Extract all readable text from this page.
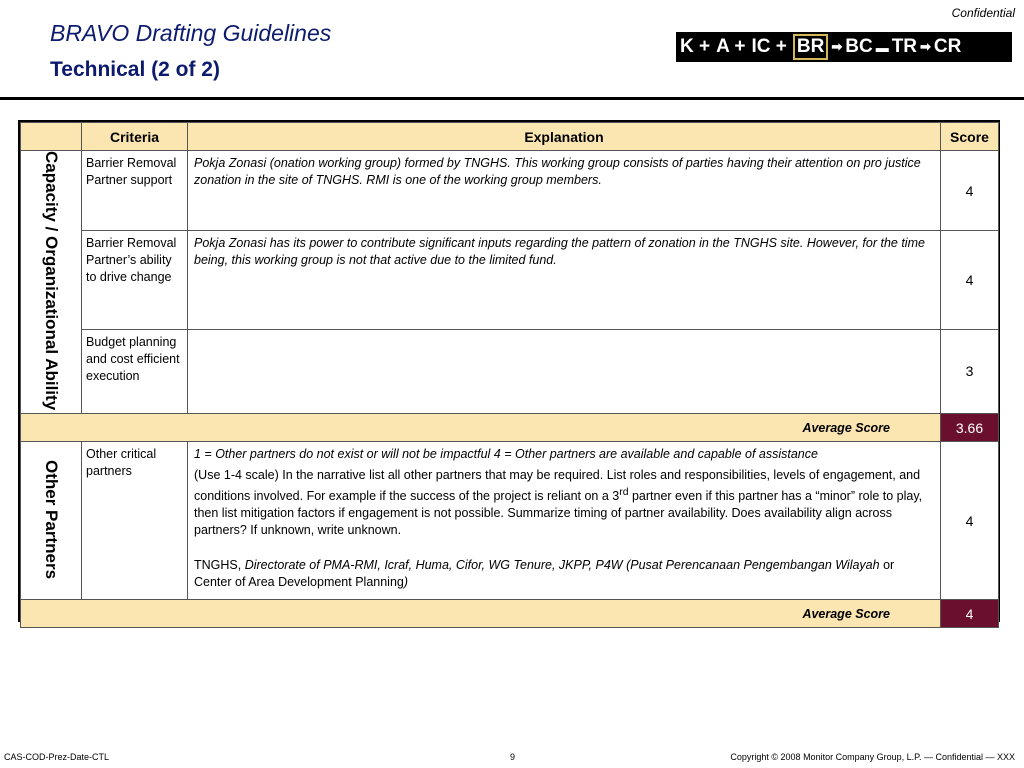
Confidential
BRAVO Drafting Guidelines
Technical (2 of 2)
K + A + IC + BR ➡ BC ▬ TR ➡ CR
	Criteria	Explanation	Score
Capacity / Organizational Ability	Barrier Removal Partner support	Pokja Zonasi (onation working group) formed by TNGHS. This working group consists of parties having their attention on pro justice zonation in the site of TNGHS. RMI is one of the working group members.	4
	Barrier Removal Partner’s ability to drive change	Pokja Zonasi has its power to contribute significant inputs regarding the pattern of zonation in the TNGHS site. However, for the time being, this working group is not that active due to the limited fund.	4
	Budget planning and cost efficient execution		3
Average Score			3.66
Other Partners	Other critical partners	1 = Other partners do not exist or will not be impactful 4 = Other partners are available and capable of assistance

(Use 1-4 scale) In the narrative list all other partners that may be required. List roles and responsibilities, levels of engagement, and conditions involved. For example if the success of the project is reliant on a 3rd partner even if this partner has a “minor” role to play, then list mitigation factors if engagement is not possible. Summarize timing of partner availability. Does availability align across partners? If unknown, write unknown.

TNGHS, Directorate of PMA-RMI, Icraf, Huma, Cifor, WG Tenure, JKPP, P4W (Pusat Perencanaan Pengembangan Wilayah or Center of Area Development Planning)	4
Average Score			4
CAS-COD-Prez-Date-CTL	9	Copyright © 2008 Monitor Company Group, L.P. — Confidential — XXX
